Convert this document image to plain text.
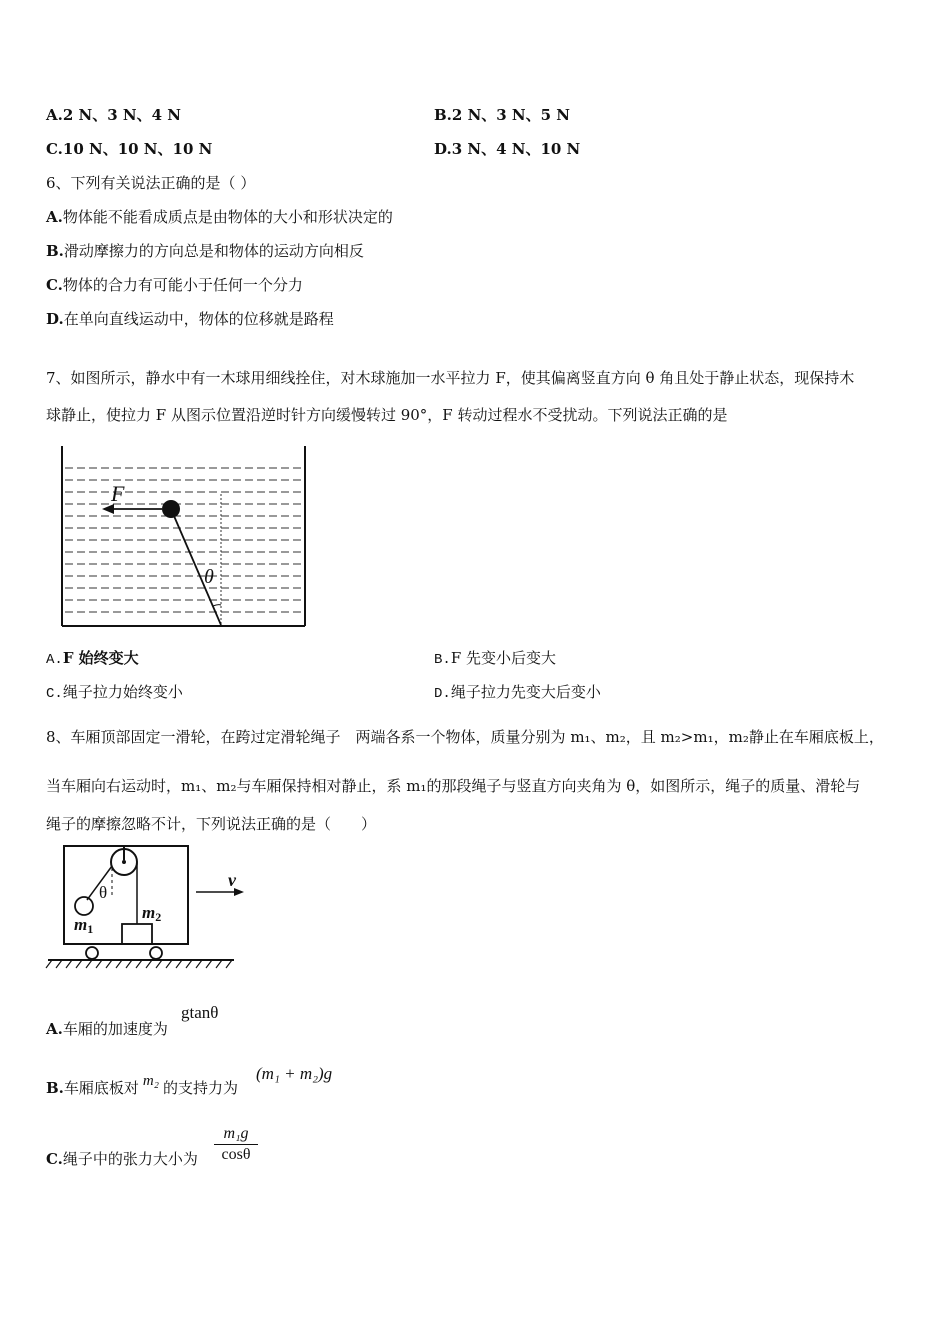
A.2 N、3 N、4 N	B.2 N、3 N、5 N
C.10 N、10 N、10 N	D.3 N、4 N、10 N
6、下列有关说法正确的是（ ）
A.物体能不能看成质点是由物体的大小和形状决定的
B.滑动摩擦力的方向总是和物体的运动方向相反
C.物体的合力有可能小于任何一个分力
D.在单向直线运动中，物体的位移就是路程
7、如图所示，静水中有一木球用细线拴住，对木球施加一水平拉力 F，使其偏离竖直方向 θ 角且处于静止状态，现保持木
球静止，使拉力 F 从图示位置沿逆时针方向缓慢转过 90°，F 转动过程水不受扰动。下列说法正确的是
F
θ
A.F 始终变大	B.F 先变小后变大
C.绳子拉力始终变小	D.绳子拉力先变大后变小
8、车厢顶部固定一滑轮，在跨过定滑轮绳子　两端各系一个物体，质量分别为 m₁、m₂，且 m₂>m₁，m₂静止在车厢底板上，
当车厢向右运动时，m₁、m₂与车厢保持相对静止，系 m₁的那段绳子与竖直方向夹角为 θ，如图所示，绳子的质量、滑轮与
绳子的摩擦忽略不计，下列说法正确的是（　　）
θ
m1
m2
v
A.车厢的加速度为
gtanθ
B.车厢底板对 m₂ 的支持力为
(m₁ + m₂)g
C.绳子中的张力大小为 $\frac{\text{m₁g}}{\cos\theta}$
